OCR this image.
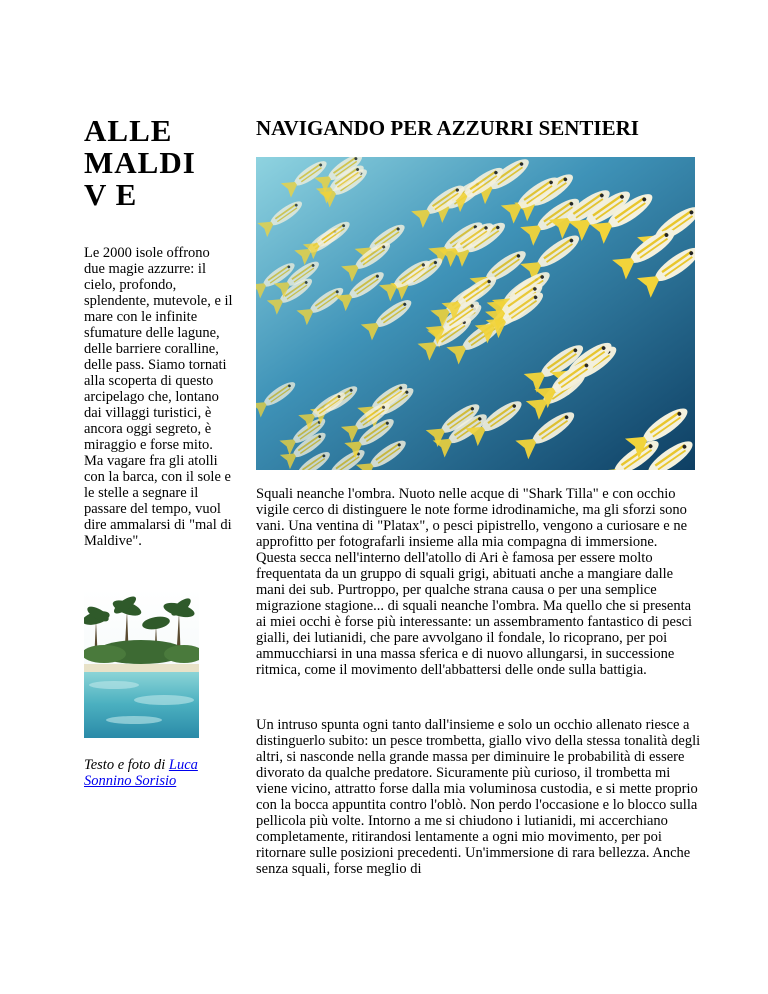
ALLE MALDIV E

Le 2000 isole offrono due magie azzurre: il cielo, profondo, splendente, mutevole, e il mare con le infinite sfumature delle lagune, delle barriere coralline, delle pass. Siamo tornati alla scoperta di questo arcipelago che, lontano dai villaggi turistici, è ancora oggi segreto, è miraggio e forse mito. Ma vagare fra gli atolli con la barca, con il sole e le stelle a segnare il passare del tempo, vuol dire ammalarsi di "mal di Maldive".

Testo e foto di Luca Sonnino Sorisio
NAVIGANDO PER AZZURRI SENTIERI

Squali neanche l'ombra. Nuoto nelle acque di "Shark Tilla" e con occhio vigile cerco di distinguere le note forme idrodinamiche, ma gli sforzi sono vani. Una ventina di "Platax", o pesci pipistrello, vengono a curiosare e ne approfitto per fotografarli insieme alla mia compagna di immersione. Questa secca nell'interno dell'atollo di Ari è famosa per essere molto frequentata da un gruppo di squali grigi, abituati anche a mangiare dalle mani dei sub. Purtroppo, per qualche strana causa o per una semplice migrazione stagione... di squali neanche l'ombra. Ma quello che si presenta ai miei occhi è forse più interessante: un assembramento fantastico di pesci gialli, dei lutianidi, che pare avvolgano il fondale, lo ricoprano, per poi ammucchiarsi in una massa sferica e di nuovo allungarsi, in successione ritmica, come il movimento dell'abbattersi delle onde sulla battigia.

Un intruso spunta ogni tanto dall'insieme e solo un occhio allenato riesce a distinguerlo subito: un pesce trombetta, giallo vivo della stessa tonalità degli altri, si nasconde nella grande massa per diminuire le probabilità di essere divorato da qualche predatore. Sicuramente più curioso, il trombetta mi viene vicino, attratto forse dalla mia voluminosa custodia, e si mette proprio con la bocca appuntita contro l'oblò. Non perdo l'occasione e lo blocco sulla pellicola più volte. Intorno a me si chiudono i lutianidi, mi accerchiano completamente, ritirandosi lentamente a ogni mio movimento, per poi ritornare sulle posizioni precedenti. Un'immersione di rara bellezza. Anche senza squali, forse meglio di
